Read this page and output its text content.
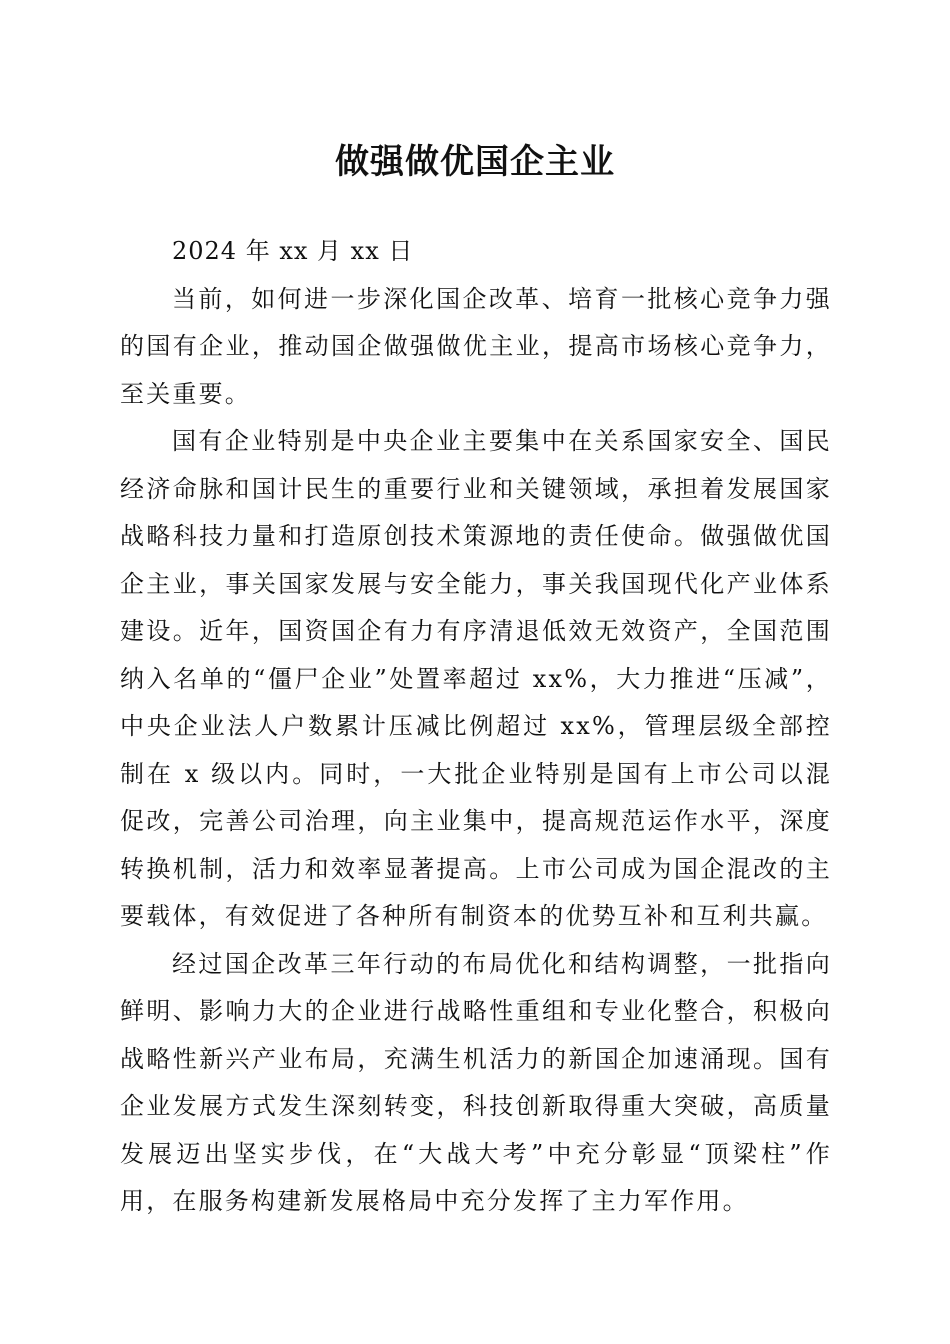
做强做优国企主业

2024 年 xx 月 xx 日

当前，如何进一步深化国企改革、培育一批核心竞争力强的国有企业，推动国企做强做优主业，提高市场核心竞争力，至关重要。

国有企业特别是中央企业主要集中在关系国家安全、国民经济命脉和国计民生的重要行业和关键领域，承担着发展国家战略科技力量和打造原创技术策源地的责任使命。做强做优国企主业，事关国家发展与安全能力，事关我国现代化产业体系建设。近年，国资国企有力有序清退低效无效资产，全国范围纳入名单的“僵尸企业”处置率超过 xx%，大力推进“压减”，中央企业法人户数累计压减比例超过 xx%，管理层级全部控制在 x 级以内。同时，一大批企业特别是国有上市公司以混促改，完善公司治理，向主业集中，提高规范运作水平，深度转换机制，活力和效率显著提高。上市公司成为国企混改的主要载体，有效促进了各种所有制资本的优势互补和互利共赢。

经过国企改革三年行动的布局优化和结构调整，一批指向鲜明、影响力大的企业进行战略性重组和专业化整合，积极向战略性新兴产业布局，充满生机活力的新国企加速涌现。国有企业发展方式发生深刻转变，科技创新取得重大突破，高质量发展迈出坚实步伐，在“大战大考”中充分彰显“顶梁柱”作用，在服务构建新发展格局中充分发挥了主力军作用。
